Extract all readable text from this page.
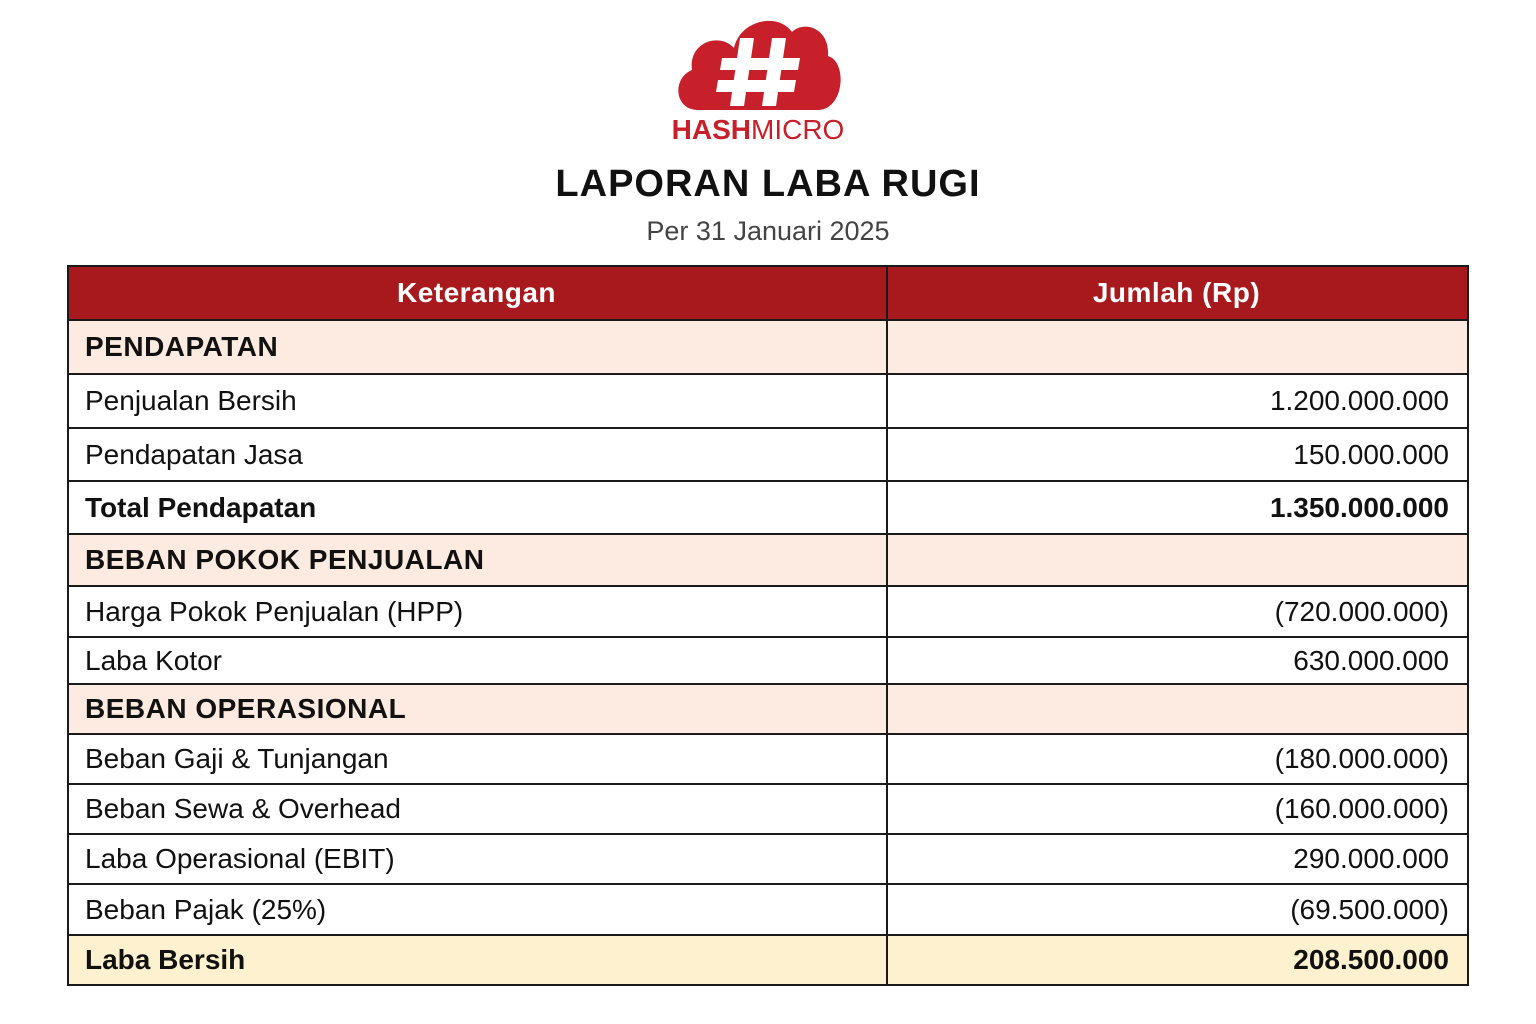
HASHMICRO
LAPORAN LABA RUGI
Per 31 Januari 2025
Keterangan	Jumlah (Rp)
PENDAPATAN	
Penjualan Bersih	1.200.000.000
Pendapatan Jasa	150.000.000
Total Pendapatan	1.350.000.000
BEBAN POKOK PENJUALAN	
Harga Pokok Penjualan (HPP)	(720.000.000)
Laba Kotor	630.000.000
BEBAN OPERASIONAL	
Beban Gaji & Tunjangan	(180.000.000)
Beban Sewa & Overhead	(160.000.000)
Laba Operasional (EBIT)	290.000.000
Beban Pajak (25%)	(69.500.000)
Laba Bersih	208.500.000
